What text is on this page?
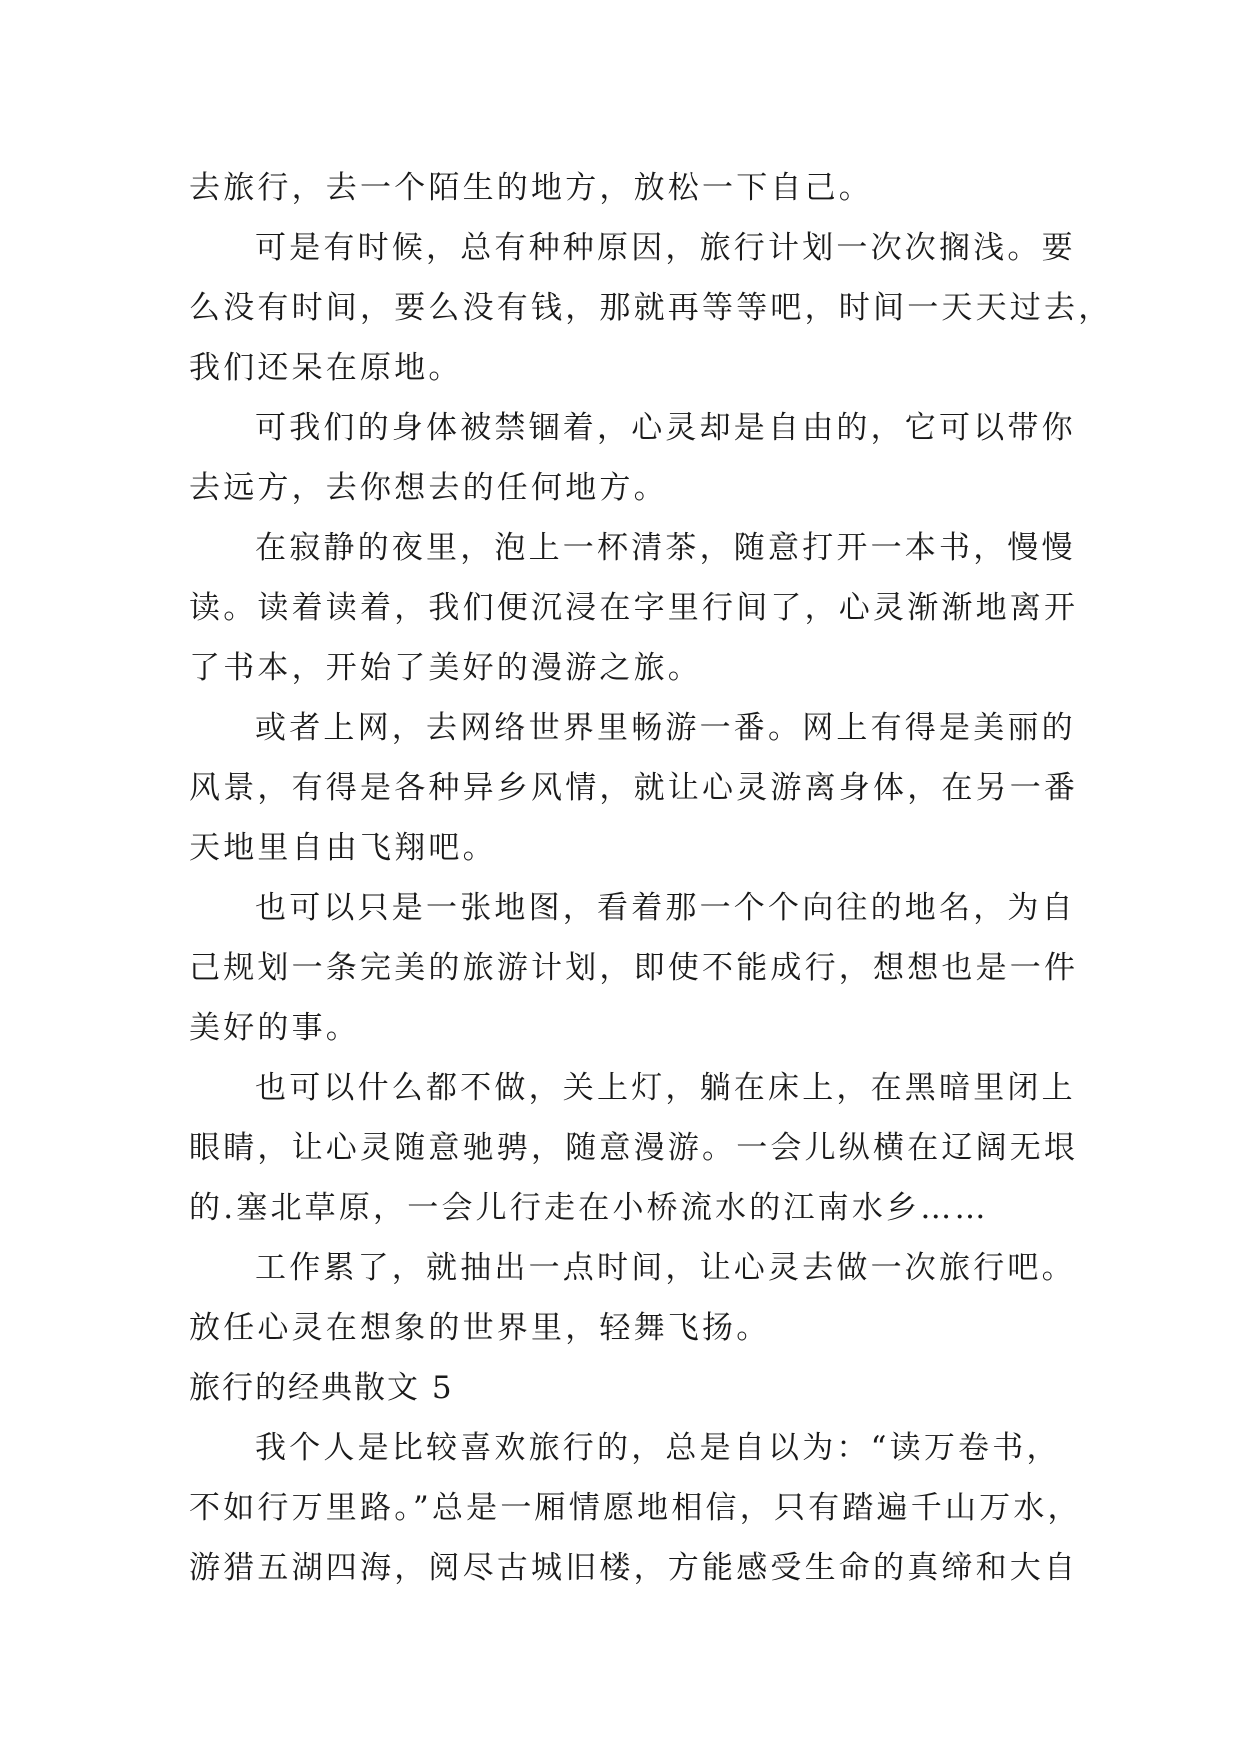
去旅行，去一个陌生的地方，放松一下自己。
可是有时候，总有种种原因，旅行计划一次次搁浅。要
么没有时间，要么没有钱，那就再等等吧，时间一天天过去，
我们还呆在原地。
可我们的身体被禁锢着，心灵却是自由的，它可以带你
去远方，去你想去的任何地方。
在寂静的夜里，泡上一杯清茶，随意打开一本书，慢慢
读。读着读着，我们便沉浸在字里行间了，心灵渐渐地离开
了书本，开始了美好的漫游之旅。
或者上网，去网络世界里畅游一番。网上有得是美丽的
风景，有得是各种异乡风情，就让心灵游离身体，在另一番
天地里自由飞翔吧。
也可以只是一张地图，看着那一个个向往的地名，为自
己规划一条完美的旅游计划，即使不能成行，想想也是一件
美好的事。
也可以什么都不做，关上灯，躺在床上，在黑暗里闭上
眼睛，让心灵随意驰骋，随意漫游。一会儿纵横在辽阔无垠
的.塞北草原，一会儿行走在小桥流水的江南水乡……
工作累了，就抽出一点时间，让心灵去做一次旅行吧。
放任心灵在想象的世界里，轻舞飞扬。
旅行的经典散文 5
我个人是比较喜欢旅行的，总是自以为：“读万卷书，
不如行万里路。”总是一厢情愿地相信，只有踏遍千山万水，
游猎五湖四海，阅尽古城旧楼，方能感受生命的真缔和大自
